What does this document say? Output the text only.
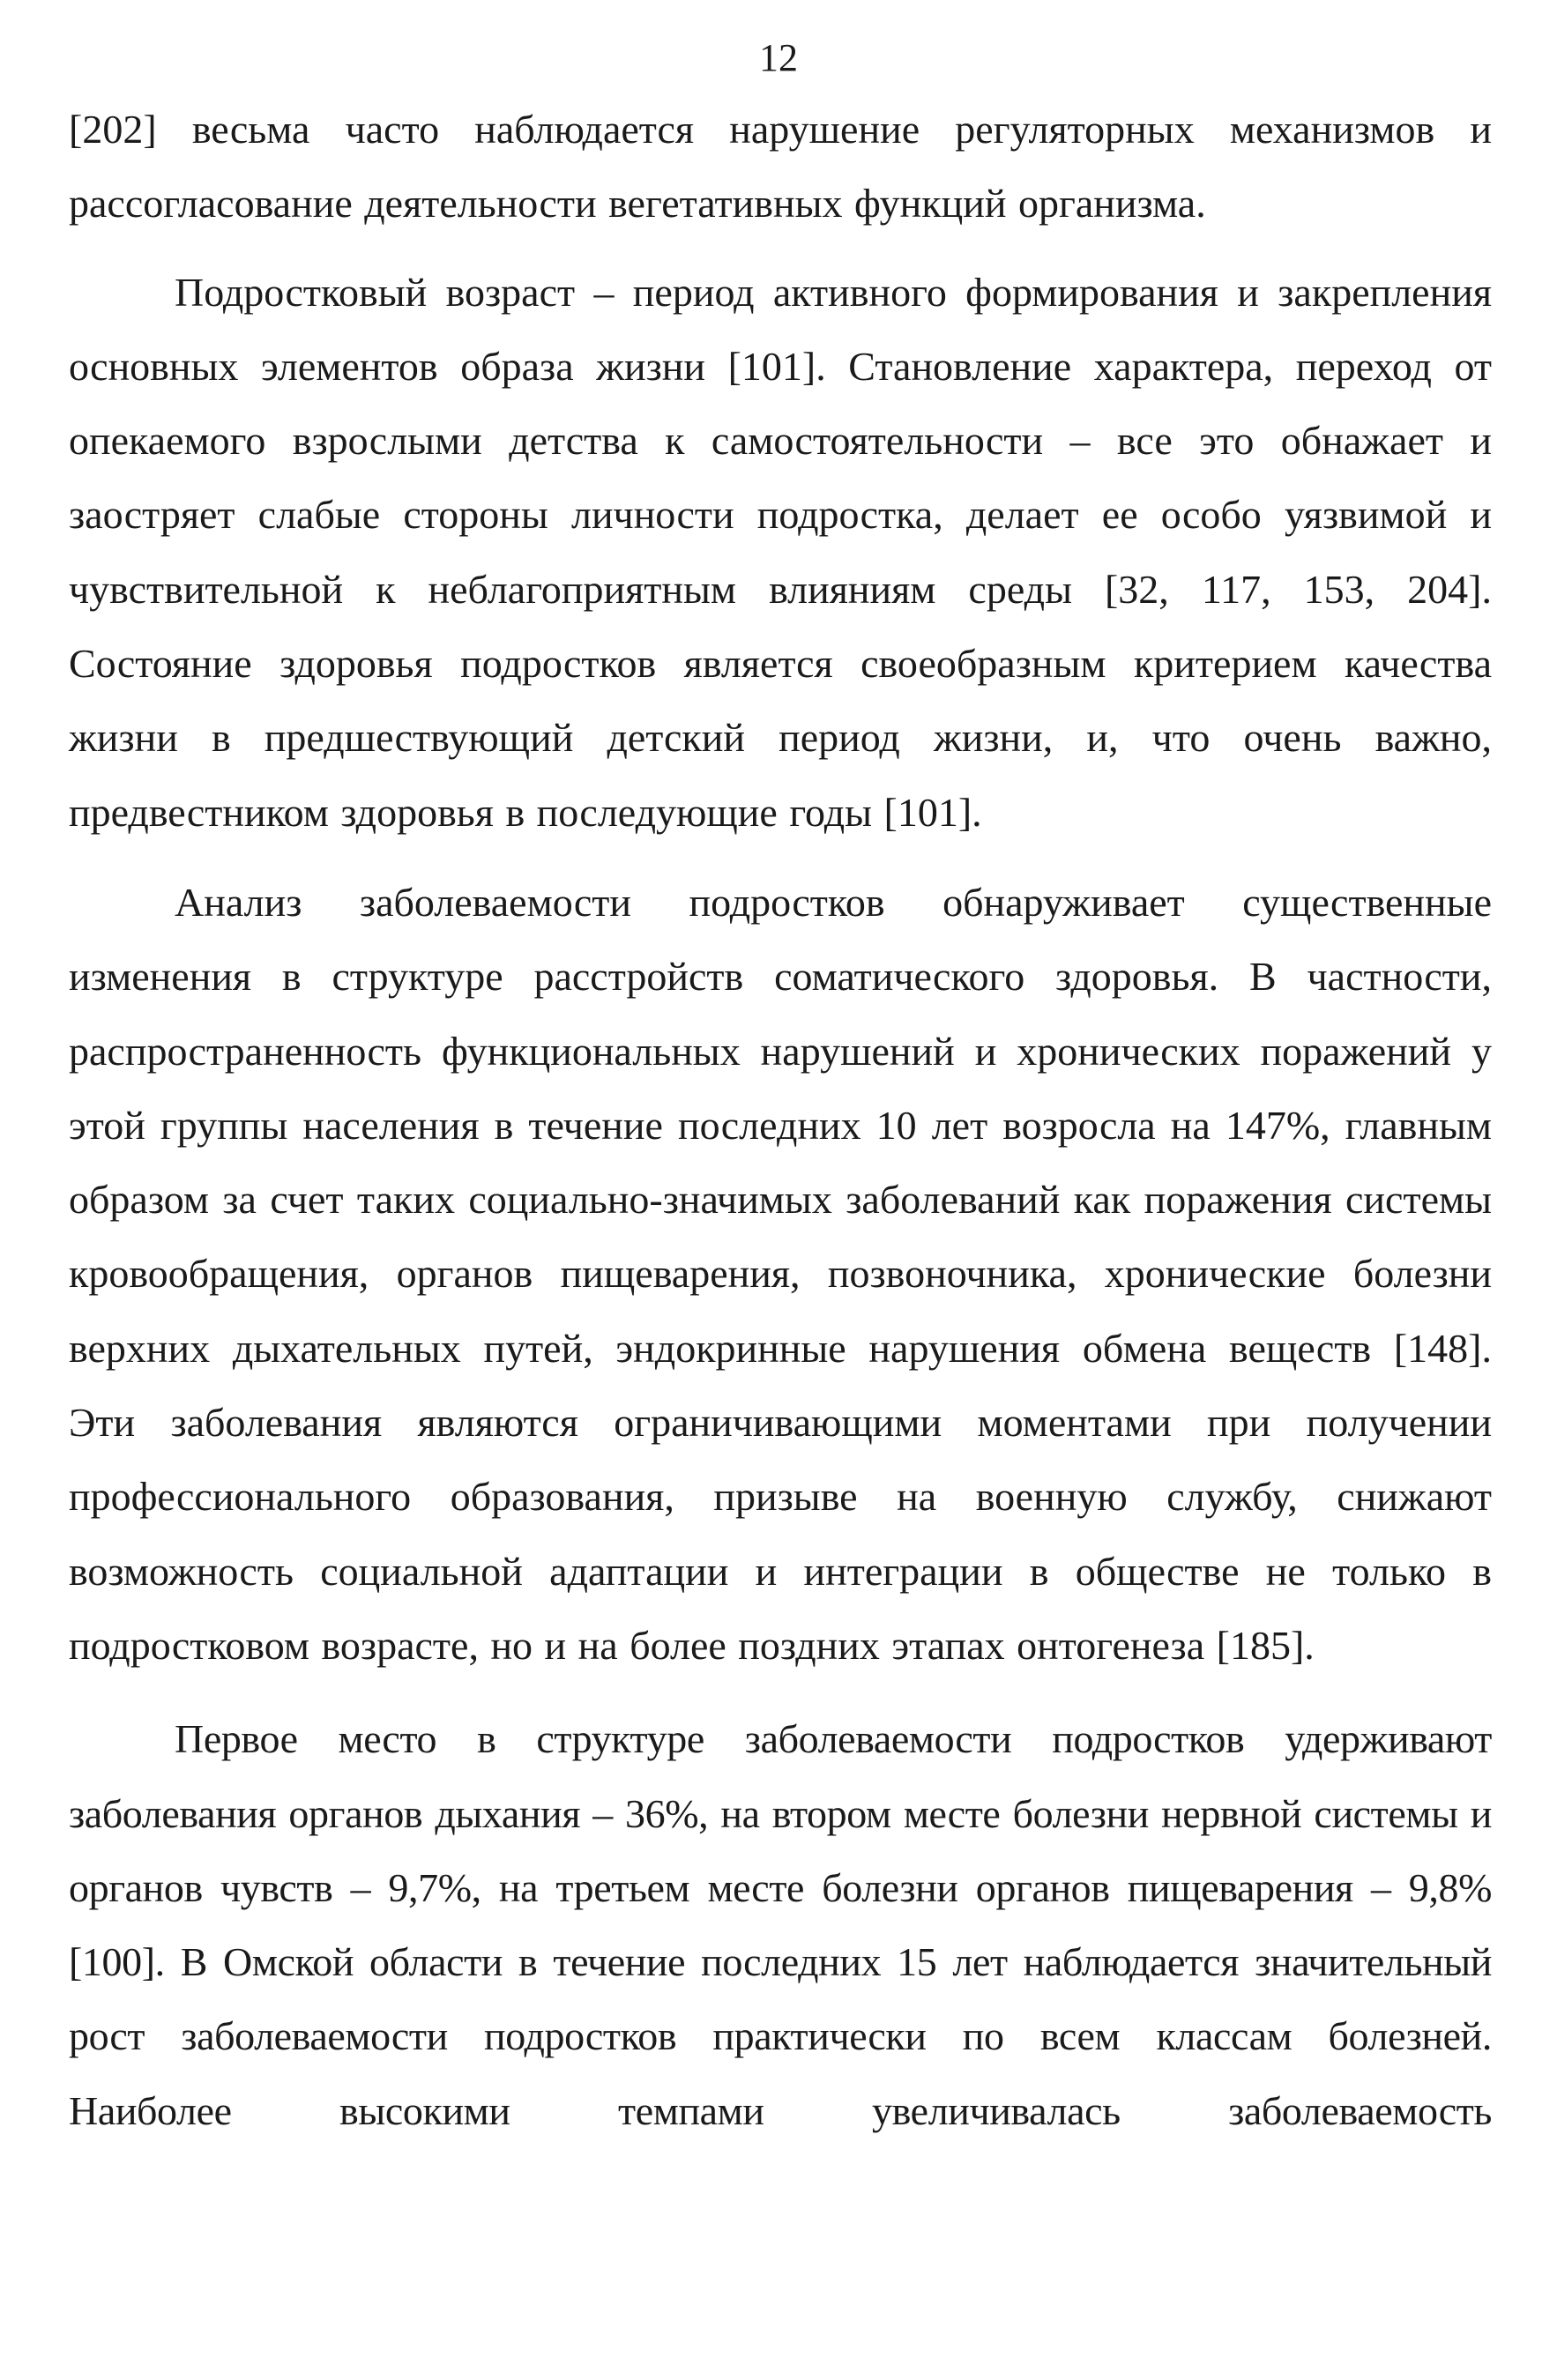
12

[202] весьма часто наблюдается нарушение регуляторных механизмов и рассогласование деятельности вегетативных функций организма.

Подростковый возраст – период активного формирования и закрепления основных элементов образа жизни [101]. Становление характера, переход от опекаемого взрослыми детства к самостоятельности – все это обнажает и заостряет слабые стороны личности подростка, делает ее особо уязвимой и чувствительной к неблагоприятным влияниям среды [32, 117, 153, 204]. Состояние здоровья подростков является своеобразным критерием качества жизни в предшествующий детский период жизни, и, что очень важно, предвестником здоровья в последующие годы [101].

Анализ заболеваемости подростков обнаруживает существенные изменения в структуре расстройств соматического здоровья. В частности, распространенность функциональных нарушений и хронических поражений у этой группы населения в течение последних 10 лет возросла на 147%, главным образом за счет таких социально-значимых заболеваний как поражения системы кровообращения, органов пищеварения, позвоночника, хронические болезни верхних дыхательных путей, эндокринные нарушения обмена веществ [148]. Эти заболевания являются ограничивающими моментами при получении профессионального образования, призыве на военную службу, снижают возможность социальной адаптации и интеграции в обществе не только в подростковом возрасте, но и на более поздних этапах онтогенеза [185].

Первое место в структуре заболеваемости подростков удерживают заболевания органов дыхания – 36%, на втором месте болезни нервной системы и органов чувств – 9,7%, на третьем месте болезни органов пищеварения – 9,8% [100]. В Омской области в течение последних 15 лет наблюдается значительный рост заболеваемости подростков практически по всем классам болезней. Наиболее высокими темпами увеличивалась заболеваемость
